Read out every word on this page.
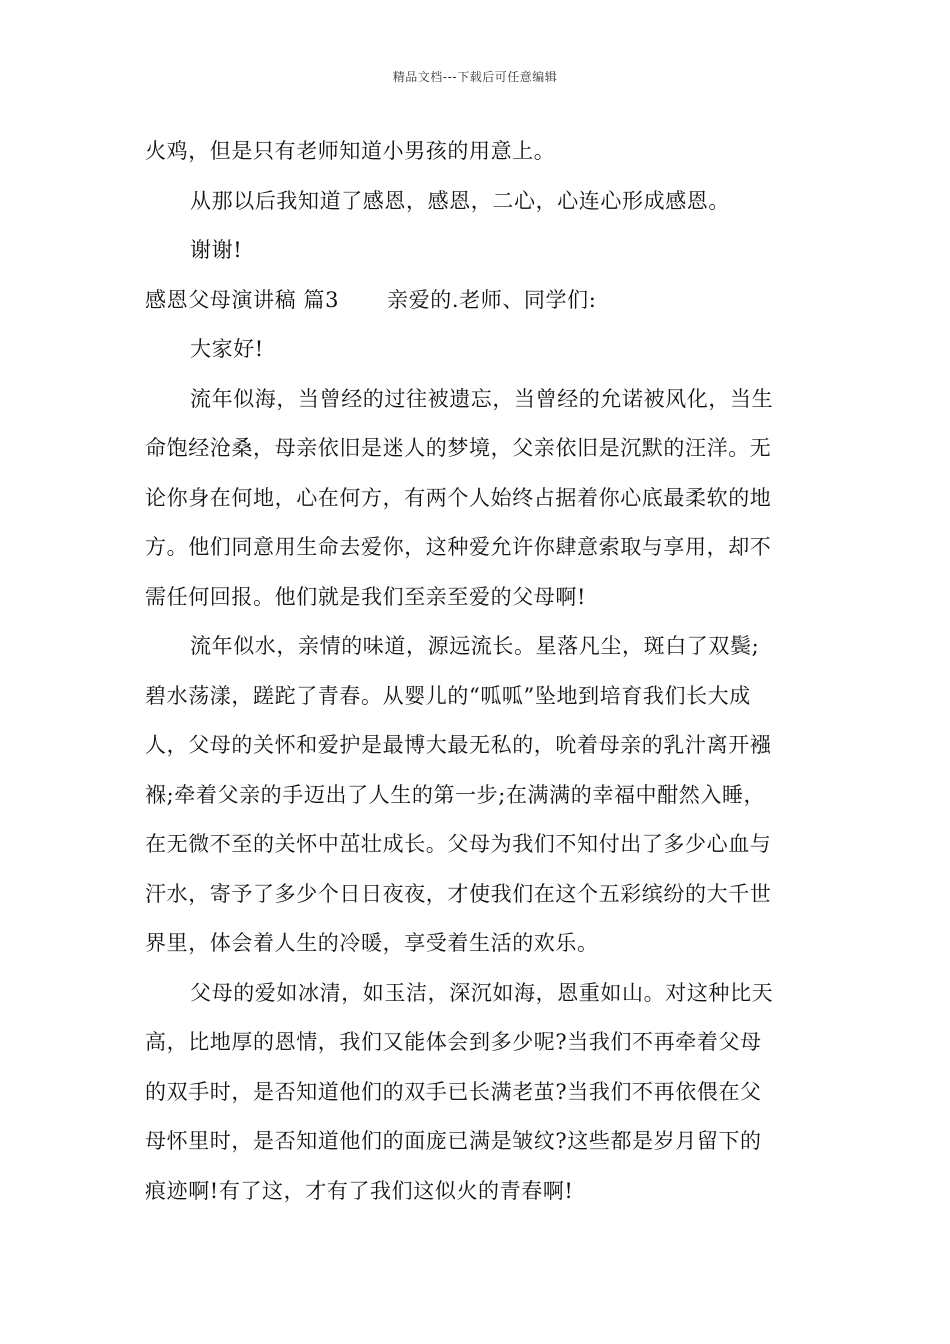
精品文档---下载后可任意编辑
火鸡，但是只有老师知道小男孩的用意上。
从那以后我知道了感恩，感恩，二心，心连心形成感恩。
谢谢!
感恩父母演讲稿 篇3 亲爱的.老师、同学们:
大家好!
流年似海，当曾经的过往被遗忘，当曾经的允诺被风化，当生
命饱经沧桑，母亲依旧是迷人的梦境，父亲依旧是沉默的汪洋。无
论你身在何地，心在何方，有两个人始终占据着你心底最柔软的地
方。他们同意用生命去爱你，这种爱允许你肆意索取与享用，却不
需任何回报。他们就是我们至亲至爱的父母啊!
流年似水，亲情的味道，源远流长。星落凡尘，斑白了双鬓;
碧水荡漾，蹉跎了青春。从婴儿的“呱呱”坠地到培育我们长大成
人，父母的关怀和爱护是最博大最无私的，吮着母亲的乳汁离开襁
褓;牵着父亲的手迈出了人生的第一步;在满满的幸福中酣然入睡，
在无微不至的关怀中茁壮成长。父母为我们不知付出了多少心血与
汗水，寄予了多少个日日夜夜，才使我们在这个五彩缤纷的大千世
界里，体会着人生的冷暖，享受着生活的欢乐。
父母的爱如冰清，如玉洁，深沉如海，恩重如山。对这种比天
高，比地厚的恩情，我们又能体会到多少呢?当我们不再牵着父母
的双手时，是否知道他们的双手已长满老茧?当我们不再依偎在父
母怀里时，是否知道他们的面庞已满是皱纹?这些都是岁月留下的
痕迹啊!有了这，才有了我们这似火的青春啊!
